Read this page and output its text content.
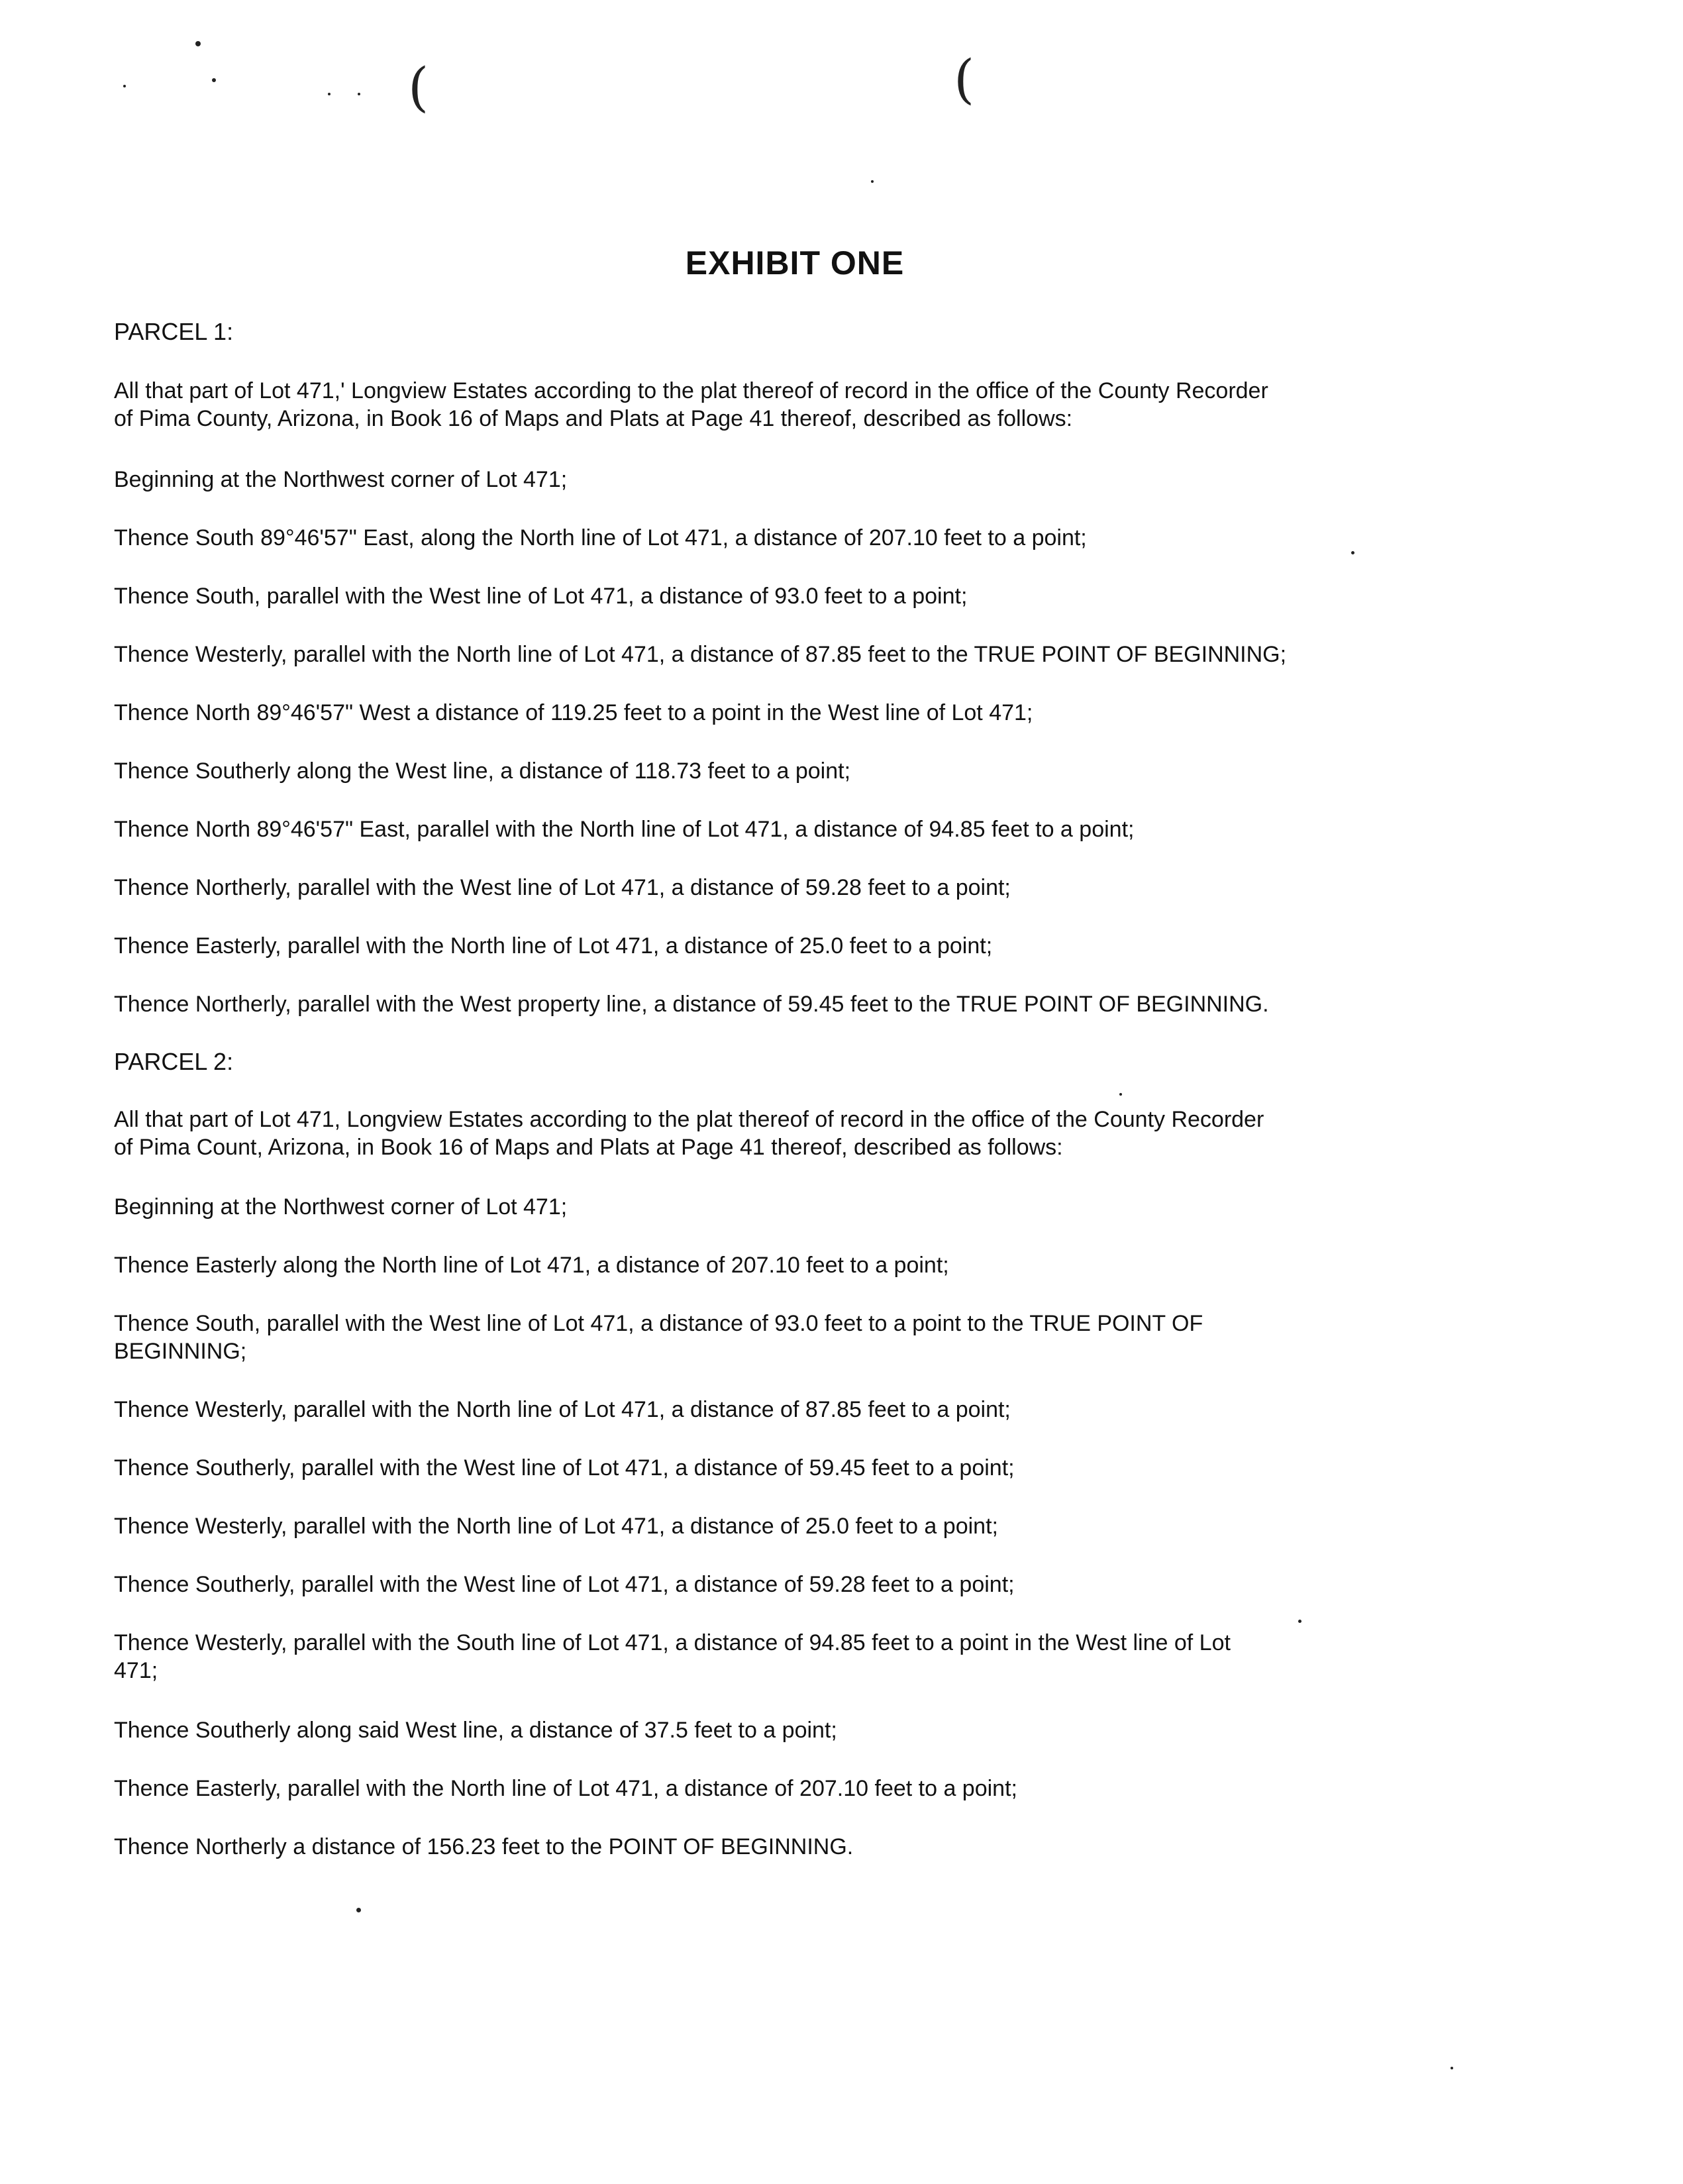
(	(
EXHIBIT ONE
PARCEL 1:
All that part of Lot 471,' Longview Estates according to the plat thereof of record in the office of the County Recorder
of Pima County, Arizona, in Book 16 of Maps and Plats at Page 41 thereof, described as follows:
Beginning at the Northwest corner of Lot 471;
Thence South 89°46'57" East, along the North line of Lot 471, a distance of 207.10 feet to a point;
Thence South, parallel with the West line of Lot 471, a distance of 93.0 feet to a point;
Thence Westerly, parallel with the North line of Lot 471, a distance of 87.85 feet to the TRUE POINT OF BEGINNING;
Thence North 89°46'57" West a distance of 119.25 feet to a point in the West line of Lot 471;
Thence Southerly along the West line, a distance of 118.73 feet to a point;
Thence North 89°46'57" East, parallel with the North line of Lot 471, a distance of 94.85 feet to a point;
Thence Northerly, parallel with the West line of Lot 471, a distance of 59.28 feet to a point;
Thence Easterly, parallel with the North line of Lot 471, a distance of 25.0 feet to a point;
Thence Northerly, parallel with the West property line, a distance of 59.45 feet to the TRUE POINT OF BEGINNING.
PARCEL 2:
All that part of Lot 471, Longview Estates according to the plat thereof of record in the office of the County Recorder
of Pima Count, Arizona, in Book 16 of Maps and Plats at Page 41 thereof, described as follows:
Beginning at the Northwest corner of Lot 471;
Thence Easterly along the North line of Lot 471, a distance of 207.10 feet to a point;
Thence South, parallel with the West line of Lot 471, a distance of 93.0 feet to a point to the TRUE POINT OF
BEGINNING;
Thence Westerly, parallel with the North line of Lot 471, a distance of 87.85 feet to a point;
Thence Southerly, parallel with the West line of Lot 471, a distance of 59.45 feet to a point;
Thence Westerly, parallel with the North line of Lot 471, a distance of 25.0 feet to a point;
Thence Southerly, parallel with the West line of Lot 471, a distance of 59.28 feet to a point;
Thence Westerly, parallel with the South line of Lot 471, a distance of 94.85 feet to a point in the West line of Lot
471;
Thence Southerly along said West line, a distance of 37.5 feet to a point;
Thence Easterly, parallel with the North line of Lot 471, a distance of 207.10 feet to a point;
Thence Northerly a distance of 156.23 feet to the POINT OF BEGINNING.
